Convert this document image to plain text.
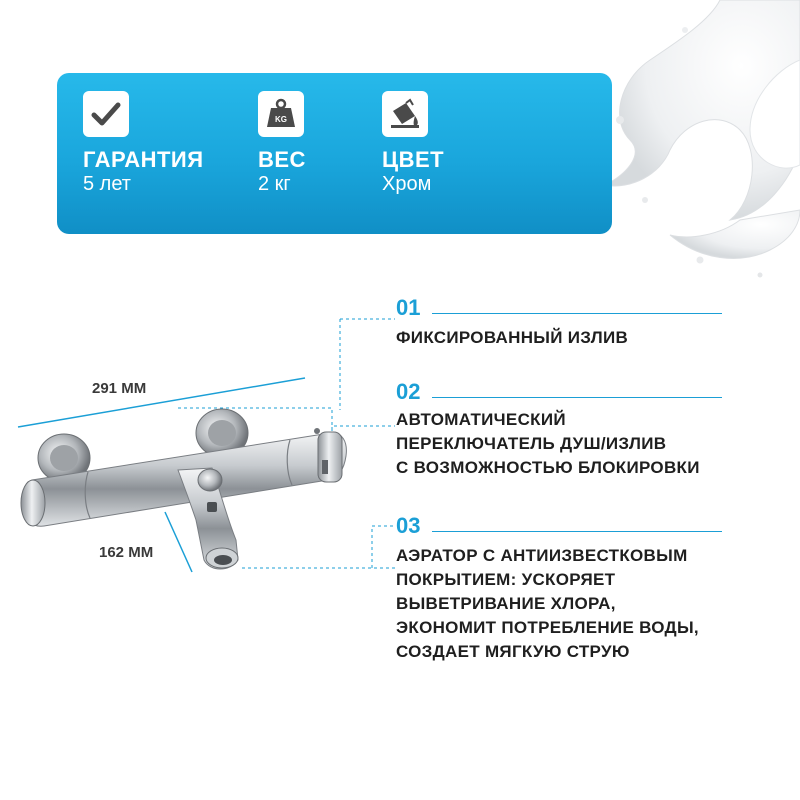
ГАРАНТИЯ
5 лет
KG
ВЕС
2 кг
ЦВЕТ
Хром
291 ММ
162 ММ
01
ФИКСИРОВАННЫЙ ИЗЛИВ
02
АВТОМАТИЧЕСКИЙ
ПЕРЕКЛЮЧАТЕЛЬ ДУШ/ИЗЛИВ
С ВОЗМОЖНОСТЬЮ БЛОКИРОВКИ
03
АЭРАТОР С АНТИИЗВЕСТКОВЫМ
ПОКРЫТИЕМ: УСКОРЯЕТ
ВЫВЕТРИВАНИЕ ХЛОРА,
ЭКОНОМИТ ПОТРЕБЛЕНИЕ ВОДЫ,
СОЗДАЕТ МЯГКУЮ СТРУЮ
